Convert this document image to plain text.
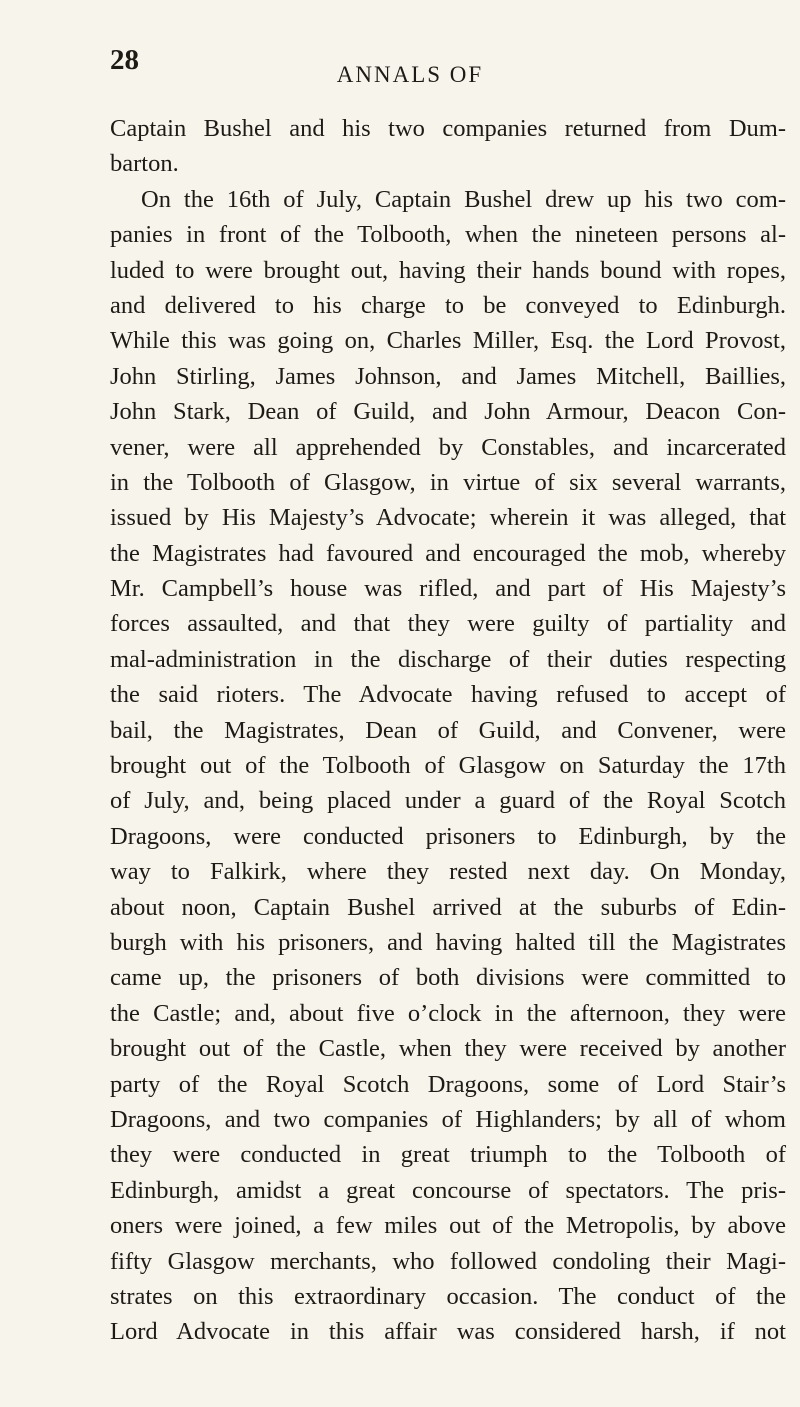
28	ANNALS OF
Captain Bushel and his two companies returned from Dum-
barton.
On the 16th of July, Captain Bushel drew up his two com-
panies in front of the Tolbooth, when the nineteen persons al-
luded to were brought out, having their hands bound with ropes,
and delivered to his charge to be conveyed to Edinburgh.
While this was going on, Charles Miller, Esq. the Lord Provost,
John Stirling, James Johnson, and James Mitchell, Baillies,
John Stark, Dean of Guild, and John Armour, Deacon Con-
vener, were all apprehended by Constables, and incarcerated
in the Tolbooth of Glasgow, in virtue of six several warrants,
issued by His Majesty’s Advocate; wherein it was alleged, that
the Magistrates had favoured and encouraged the mob, whereby
Mr. Campbell’s house was rifled, and part of His Majesty’s
forces assaulted, and that they were guilty of partiality and
mal-administration in the discharge of their duties respecting
the said rioters. The Advocate having refused to accept of
bail, the Magistrates, Dean of Guild, and Convener, were
brought out of the Tolbooth of Glasgow on Saturday the 17th
of July, and, being placed under a guard of the Royal Scotch
Dragoons, were conducted prisoners to Edinburgh, by the
way to Falkirk, where they rested next day. On Monday,
about noon, Captain Bushel arrived at the suburbs of Edin-
burgh with his prisoners, and having halted till the Magistrates
came up, the prisoners of both divisions were committed to
the Castle; and, about five o’clock in the afternoon, they were
brought out of the Castle, when they were received by another
party of the Royal Scotch Dragoons, some of Lord Stair’s
Dragoons, and two companies of Highlanders; by all of whom
they were conducted in great triumph to the Tolbooth of
Edinburgh, amidst a great concourse of spectators. The pris-
oners were joined, a few miles out of the Metropolis, by above
fifty Glasgow merchants, who followed condoling their Magi-
strates on this extraordinary occasion. The conduct of the
Lord Advocate in this affair was considered harsh, if not
